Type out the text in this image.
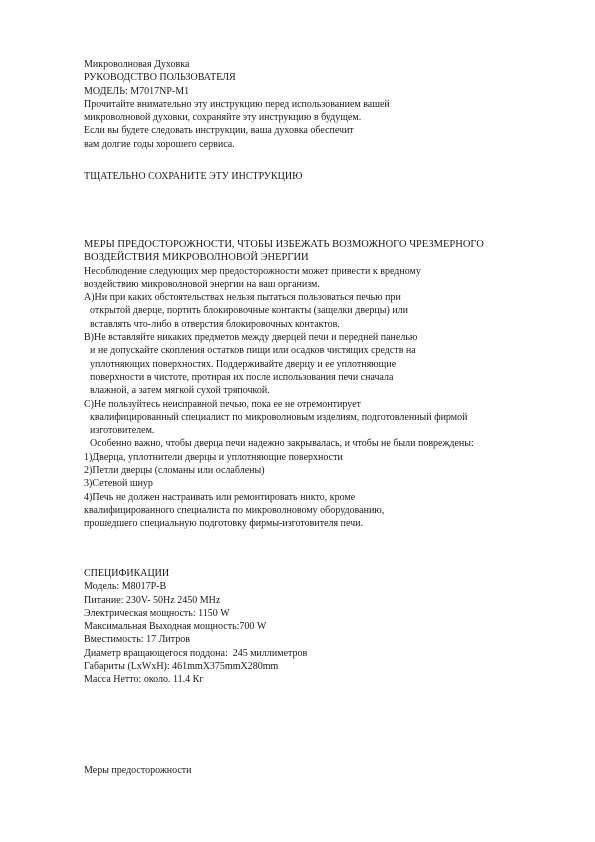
Микроволновая Духовка
РУКОВОДСТВО ПОЛЬЗОВАТЕЛЯ
МОДЕЛЬ: M7017NP-M1
Прочитайте внимательно эту инструкцию перед использованием вашей
микроволновой духовки, сохраняйте эту инструкцию в будущем.
Если вы будете следовать инструкции, ваша духовка обеспечит
вам долгие годы хорошего сервиса.
ТЩАТЕЛЬНО СОХРАНИТЕ ЭТУ ИНСТРУКЦИЮ
МЕРЫ ПРЕДОСТОРОЖНОСТИ, ЧТОБЫ ИЗБЕЖАТЬ ВОЗМОЖНОГО ЧРЕЗМЕРНОГО
ВОЗДЕЙСТВИЯ МИКРОВОЛНОВОЙ ЭНЕРГИИ
Несоблюдение следующих мер предосторожности может привести к вредному
воздействию микроволновой энергии на ваш организм.
A)Ни при каких обстоятельствах нельзя пытаться пользоваться печью при
открытой дверце, портить блокировочные контакты (защелки дверцы) или
вставлять что-либо в отверстия блокировочных контактов.
B)Не вставляйте никаких предметов между дверцей печи и передней панелью
и не допускайте скопления остатков пищи или осадков чистящих средств на
уплотняющих поверхностях. Поддерживайте дверцу и ее уплотняющие
поверхности в чистоте, протирая их после использования печи сначала
влажной, а затем мягкой сухой тряпочкой.
C)Не пользуйтесь неисправной печью, пока ее не отремонтирует
квалифицированный специалист по микроволновым изделиям, подготовленный фирмой
изготовителем.
Особенно важно, чтобы дверца печи надежно закрывалась, и чтобы не были повреждены:
1)Дверца, уплотнители дверцы и уплотняющие поверхности
2)Петли дверцы (сломаны или ослаблены)
3)Сетевой шнур
4)Печь не должен настраивать или ремонтировать никто, кроме
квалифицированного специалиста по микроволновому оборудованию,
прошедшего специальную подготовку фирмы-изготовителя печи.
СПЕЦИФИКАЦИИ
Модель: M8017P-B
Питание: 230V- 50Hz 2450 MHz
Электрическая мощность: 1150 W
Максимальная Выходная мощность:700 W
Вместимость: 17 Литров
Диаметр вращающегося поддона:  245 миллиметров
Габариты (LxWxH): 461mmX375mmX280mm
Масса Нетто: около. 11.4 Кг
Меры предосторожности
